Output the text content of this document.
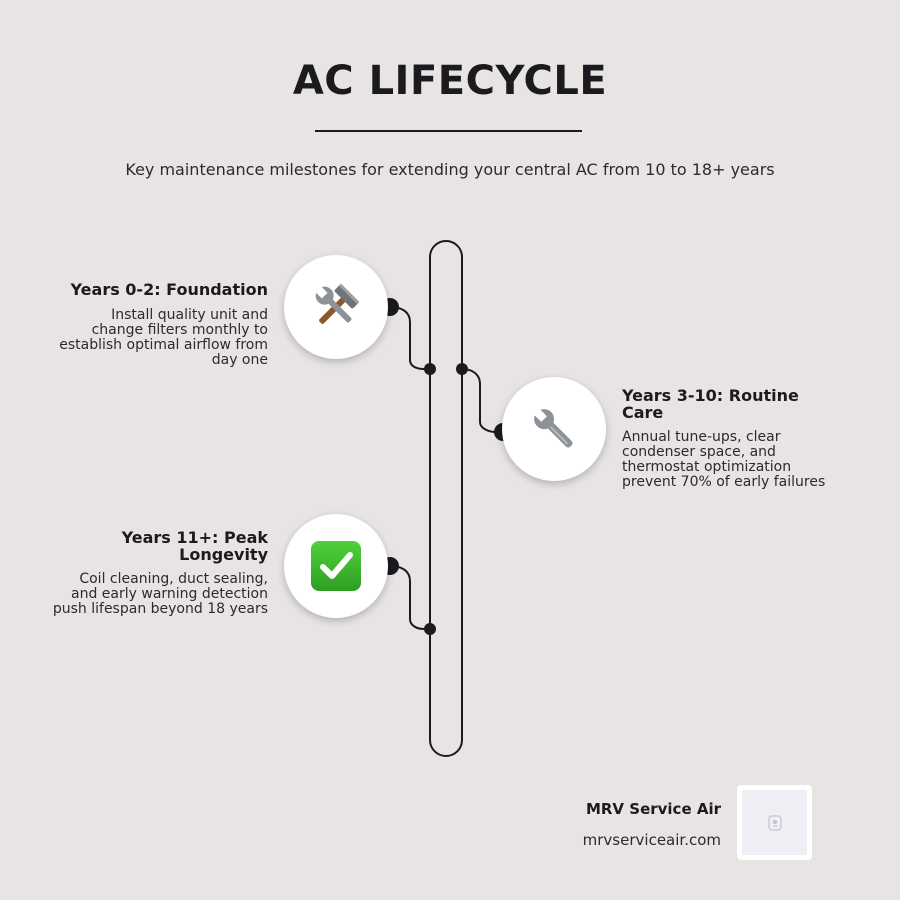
AC LIFECYCLE
Key maintenance milestones for extending your central AC from 10 to 18+ years
Years 0-2: Foundation
Install quality unit and change filters monthly to establish optimal airflow from day one
Years 3-10: Routine Care
Annual tune-ups, clear condenser space, and thermostat optimization prevent 70% of early failures
Years 11+: Peak Longevity
Coil cleaning, duct sealing, and early warning detection push lifespan beyond 18 years
MRV Service Air
mrvserviceair.com
